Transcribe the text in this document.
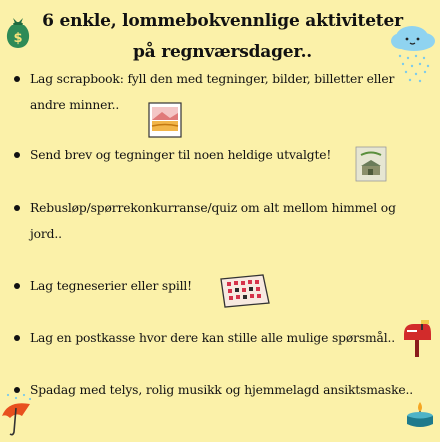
6 enkle, lommebokvennlige aktiviteter
på regnværsdager..
$
Lag scrapbook: fyll den med tegninger, bilder, billetter eller andre minner..
Send brev og tegninger til noen heldige utvalgte!
Rebusløp/spørrekonkurranse/quiz om alt mellom himmel og jord..
Lag tegneserier eller spill!
Lag en postkasse hvor dere kan stille alle mulige spørsmål..
Spadag med telys, rolig musikk og hjemmelagd ansiktsmaske..
